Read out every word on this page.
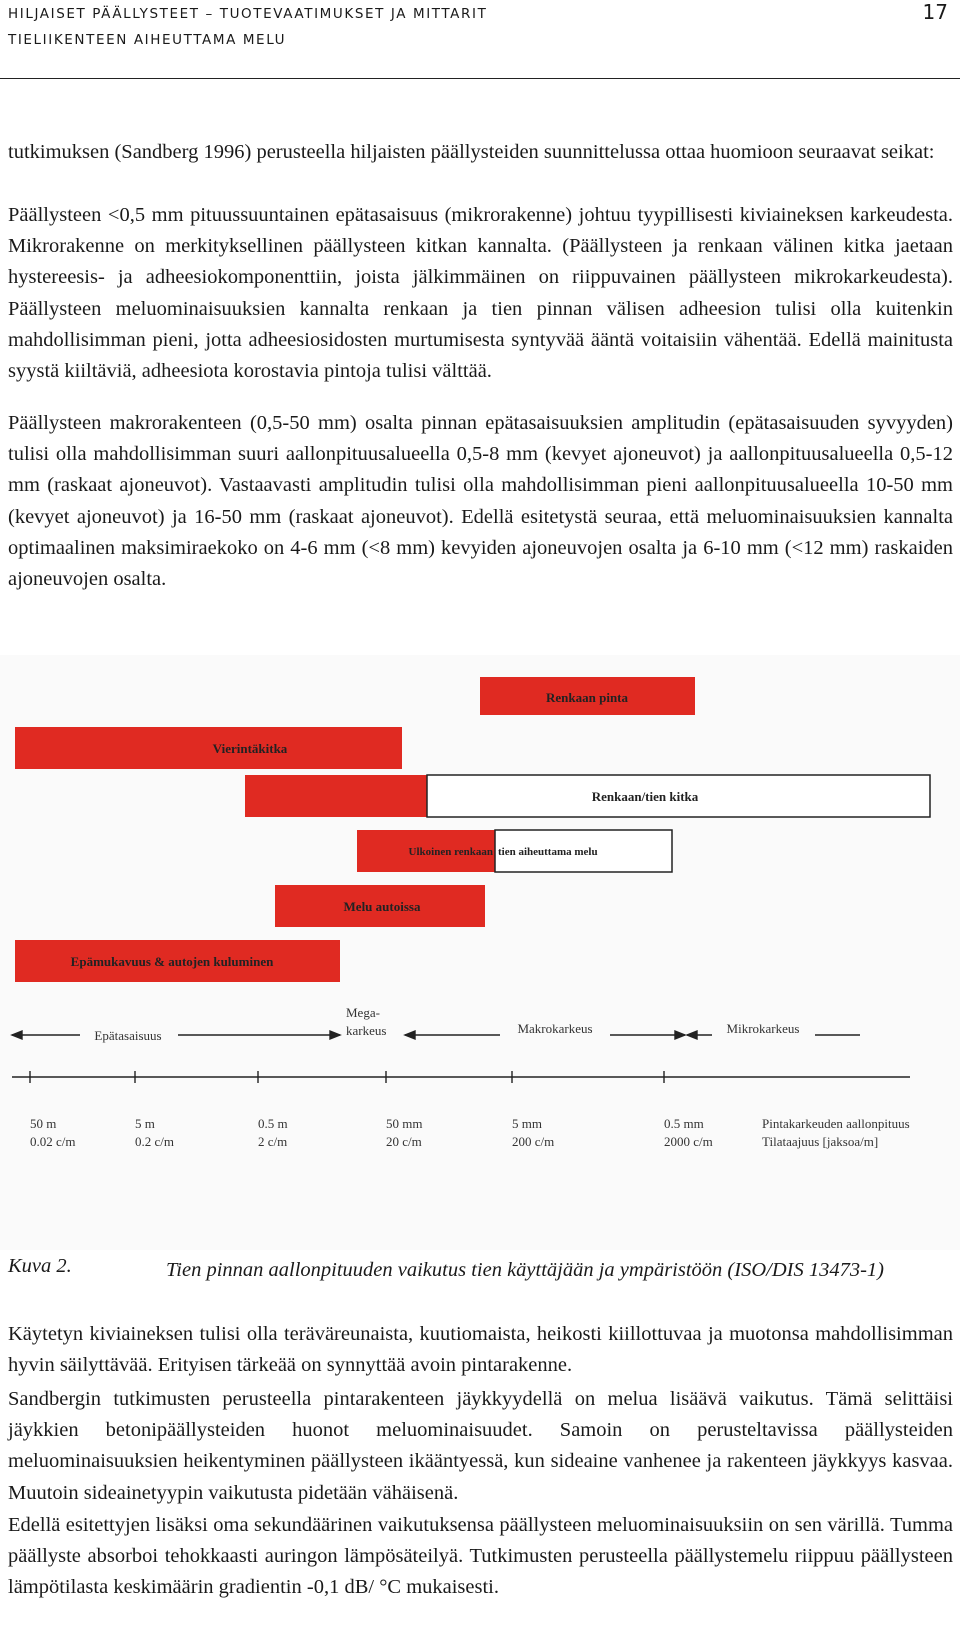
HILJAISET PÄÄLLYSTEET – TUOTEVAATIMUKSET JA MITTARIT
TIELIIKENTEEN AIHEUTTAMA MELU
17

tutkimuksen (Sandberg 1996) perusteella hiljaisten päällysteiden suunnittelussa ottaa huomioon seuraavat seikat:

Päällysteen <0,5 mm pituussuuntainen epätasaisuus (mikrorakenne) johtuu tyypillisesti kiviaineksen karkeudesta. Mikrorakenne on merkityksellinen päällysteen kitkan kannalta. (Päällysteen ja renkaan välinen kitka jaetaan hystereesis- ja adheesiokomponenttiin, joista jälkimmäinen on riippuvainen päällysteen mikrokarkeudesta). Päällysteen meluominaisuuksien kannalta renkaan ja tien pinnan välisen adheesion tulisi olla kuitenkin mahdollisimman pieni, jotta adheesiosidosten murtumisesta syntyvää ääntä voitaisiin vähentää. Edellä mainitusta syystä kiiltäviä, adheesiota korostavia pintoja tulisi välttää.

Päällysteen makrorakenteen (0,5-50 mm) osalta pinnan epätasaisuuksien amplitudin (epätasaisuuden syvyyden) tulisi olla mahdollisimman suuri aallonpituusalueella 0,5-8 mm (kevyet ajoneuvot) ja aallonpituusalueella 0,5-12 mm (raskaat ajoneuvot). Vastaavasti amplitudin tulisi olla mahdollisimman pieni aallonpituusalueella 10-50 mm (kevyet ajoneuvot) ja 16-50 mm (raskaat ajoneuvot). Edellä esitetystä seuraa, että meluominaisuuksien kannalta optimaalinen maksimiraekoko on 4-6 mm (<8 mm) kevyiden ajoneuvojen osalta ja 6-10 mm (<12 mm) raskaiden ajoneuvojen osalta.

Renkaan pinta
Vierintäkitka
Renkaan/tien kitka
Ulkoinen renkaan tien aiheuttama melu
Melu autoissa
Epämukavuus & autojen kuluminen
Epätasaisuus
Mega-
karkeus	Makrokarkeus	Mikrokarkeus
50 m
0.02 c/m
5 m
0.2 c/m
0.5 m
2 c/m
50 mm
20 c/m
5 mm
200 c/m
0.5 mm
2000 c/m
Pintakarkeuden aallonpituus
Tilataajuus [jaksoa/m]
Kuva 2.	Tien pinnan aallonpituuden vaikutus tien käyttäjään ja ympäristöön (ISO/DIS 13473-1)

Käytetyn kiviaineksen tulisi olla teräväreunaista, kuutiomaista, heikosti kiillottuvaa ja muotonsa mahdollisimman hyvin säilyttävää. Erityisen tärkeää on synnyttää avoin pintarakenne.

Sandbergin tutkimusten perusteella pintarakenteen jäykkyydellä on melua lisäävä vaikutus. Tämä selittäisi jäykkien betonipäällysteiden huonot meluominaisuudet. Samoin on perusteltavissa päällysteiden meluominaisuuksien heikentyminen päällysteen ikääntyessä, kun sideaine vanhenee ja rakenteen jäykkyys kasvaa. Muutoin sideainetyypin vaikutusta pidetään vähäisenä.

Edellä esitettyjen lisäksi oma sekundäärinen vaikutuksensa päällysteen meluominaisuuksiin on sen värillä. Tumma päällyste absorboi tehokkaasti auringon lämpösäteilyä. Tutkimusten perusteella päällystemelu riippuu päällysteen lämpötilasta keskimäärin gradientin -0,1 dB/ °C mukaisesti.
